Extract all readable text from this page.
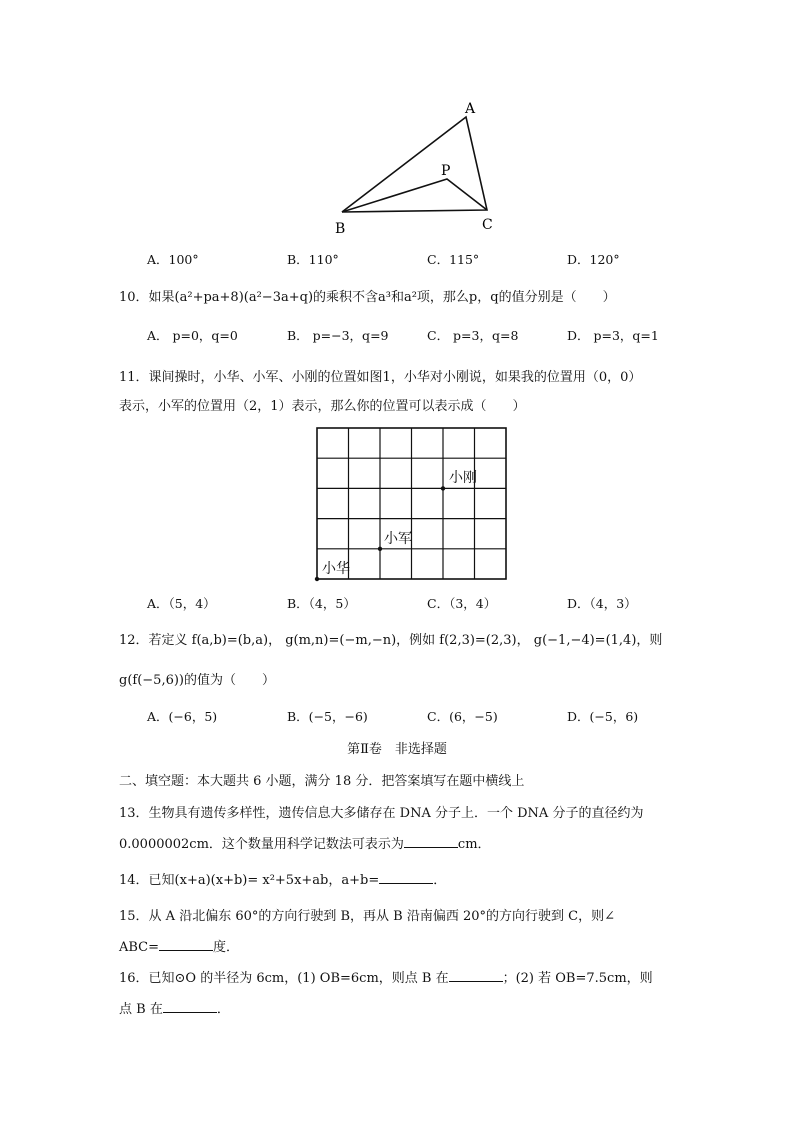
A
P
B	C
A．100°	B．110°	C．115°	D．120°
10．如果(a²+pa+8)(a²−3a+q)的乘积不含a³和a²项，那么p，q的值分别是（　　）
A． p=0，q=0	B． p=−3，q=9	C． p=3，q=8	D． p=3，q=1
11．课间操时，小华、小军、小刚的位置如图1，小华对小刚说，如果我的位置用（0，0）
表示，小军的位置用（2，1）表示，那么你的位置可以表示成（　　）
小刚
小军
小华
A．（5，4）	B．（4，5）	C．（3，4）	D．（4，3）
12．若定义 f(a,b)=(b,a)， g(m,n)=(−m,−n)，例如 f(2,3)=(2,3)， g(−1,−4)=(1,4)，则
g(f(−5,6))的值为（　　）
A．(−6，5)	B．(−5，−6)	C．(6，−5)	D．(−5，6)
第Ⅱ卷　非选择题
二、填空题：本大题共 6 小题，满分 18 分．把答案填写在题中横线上
13．生物具有遗传多样性，遗传信息大多储存在 DNA 分子上．一个 DNA 分子的直径约为
0.0000002cm．这个数量用科学记数法可表示为	cm．
14．已知(x+a)(x+b)= x²+5x+ab，a+b=	．
15．从 A 沿北偏东 60°的方向行驶到 B，再从 B 沿南偏西 20°的方向行驶到 C，则∠
ABC=	度．
16．已知⊙O 的半径为 6cm，(1) OB=6cm，则点 B 在	；(2) 若 OB=7.5cm，则
点 B 在	．
